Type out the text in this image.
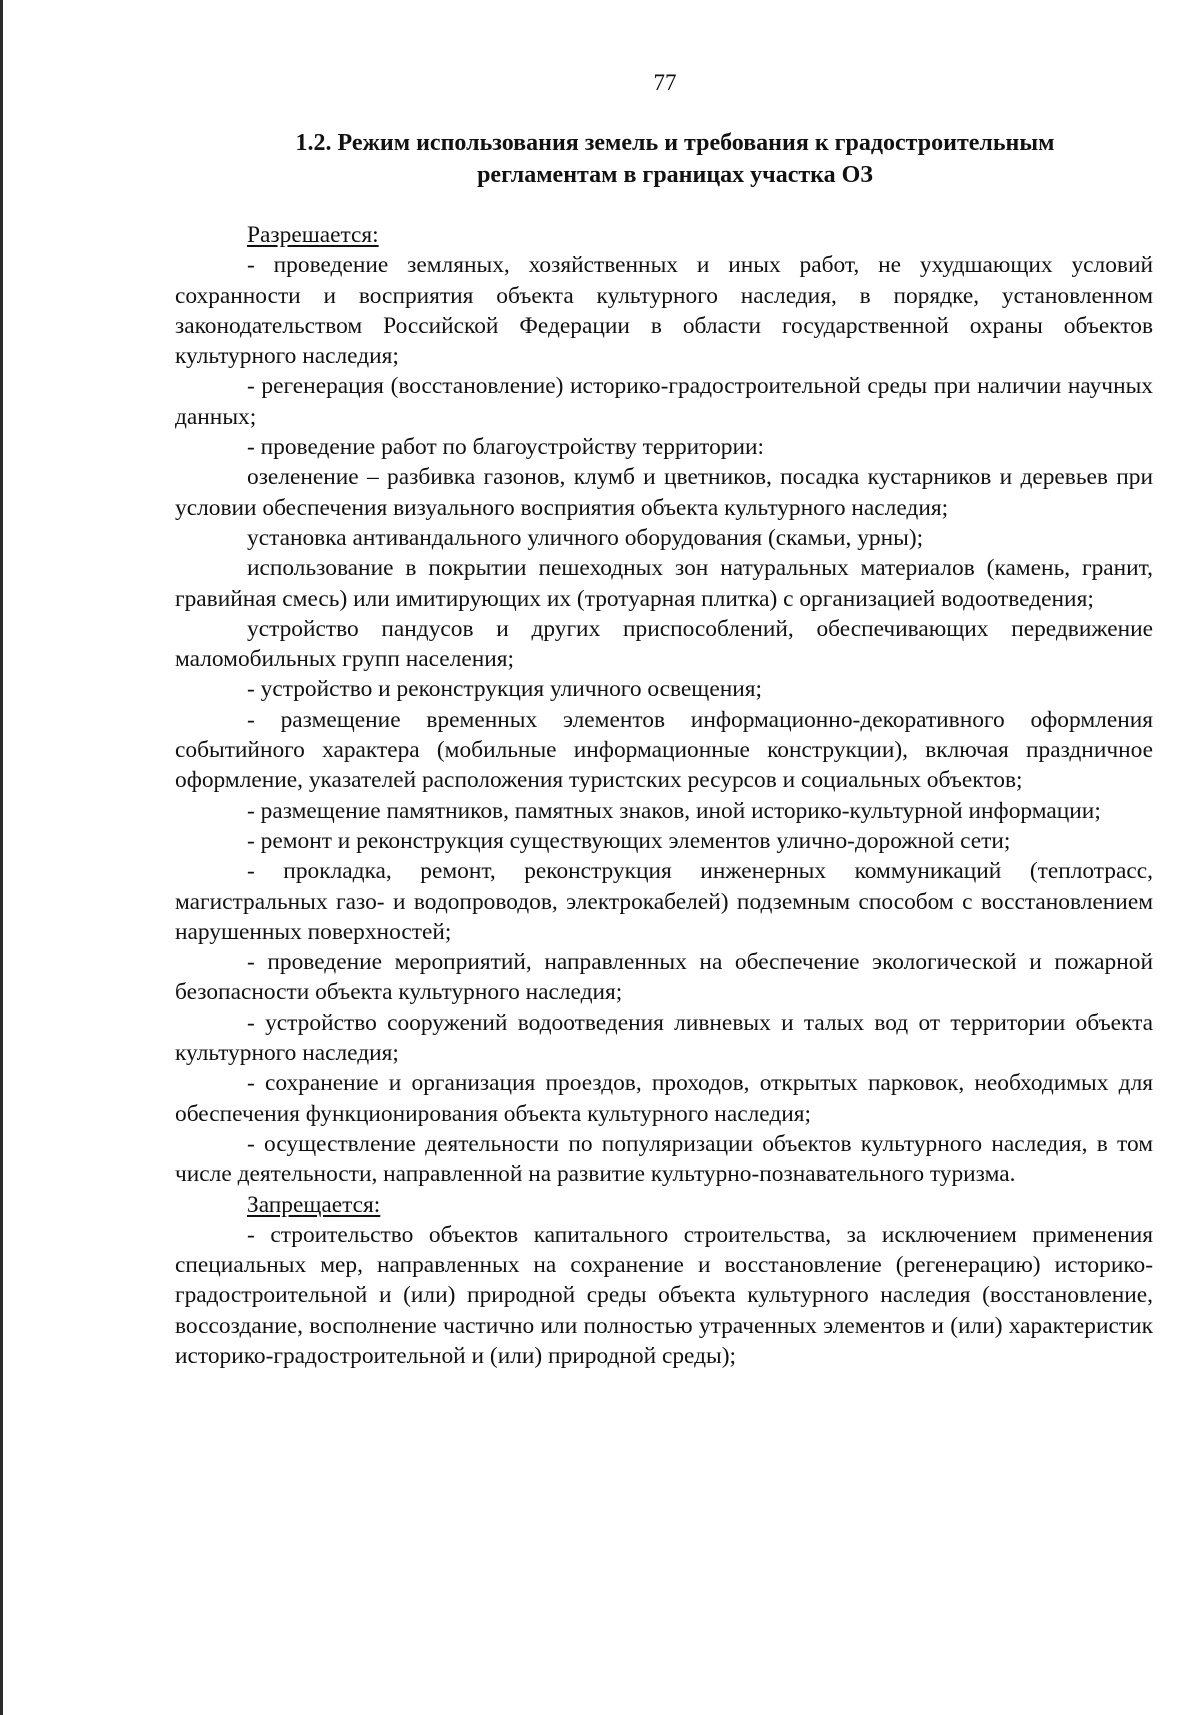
77
1.2. Режим использования земель и требования к градостроительным
регламентам в границах участка ОЗ
Разрешается:

- проведение земляных, хозяйственных и иных работ, не ухудшающих условий сохранности и восприятия объекта культурного наследия, в порядке, установленном законодательством Российской Федерации в области государственной охраны объектов культурного наследия;

- регенерация (восстановление) историко-градостроительной среды при наличии научных данных;

- проведение работ по благоустройству территории:

озеленение – разбивка газонов, клумб и цветников, посадка кустарников и деревьев при условии обеспечения визуального восприятия объекта культурного наследия;

установка антивандального уличного оборудования (скамьи, урны);

использование в покрытии пешеходных зон натуральных материалов (камень, гранит, гравийная смесь) или имитирующих их (тротуарная плитка) с организацией водоотведения;

устройство пандусов и других приспособлений, обеспечивающих передвижение маломобильных групп населения;

- устройство и реконструкция уличного освещения;

- размещение временных элементов информационно-декоративного оформления событийного характера (мобильные информационные конструкции), включая праздничное оформление, указателей расположения туристских ресурсов и социальных объектов;

- размещение памятников, памятных знаков, иной историко-культурной информации;

- ремонт и реконструкция существующих элементов улично-дорожной сети;

- прокладка, ремонт, реконструкция инженерных коммуникаций (теплотрасс, магистральных газо- и водопроводов, электрокабелей) подземным способом с восстановлением нарушенных поверхностей;

- проведение мероприятий, направленных на обеспечение экологической и пожарной безопасности объекта культурного наследия;

- устройство сооружений водоотведения ливневых и талых вод от территории объекта культурного наследия;

- сохранение и организация проездов, проходов, открытых парковок, необходимых для обеспечения функционирования объекта культурного наследия;

- осуществление деятельности по популяризации объектов культурного наследия, в том числе деятельности, направленной на развитие культурно-познавательного туризма.

Запрещается:

- строительство объектов капитального строительства, за исключением применения специальных мер, направленных на сохранение и восстановление (регенерацию) историко-градостроительной и (или) природной среды объекта культурного наследия (восстановление, воссоздание, восполнение частично или полностью утраченных элементов и (или) характеристик историко-градостроительной и (или) природной среды);
